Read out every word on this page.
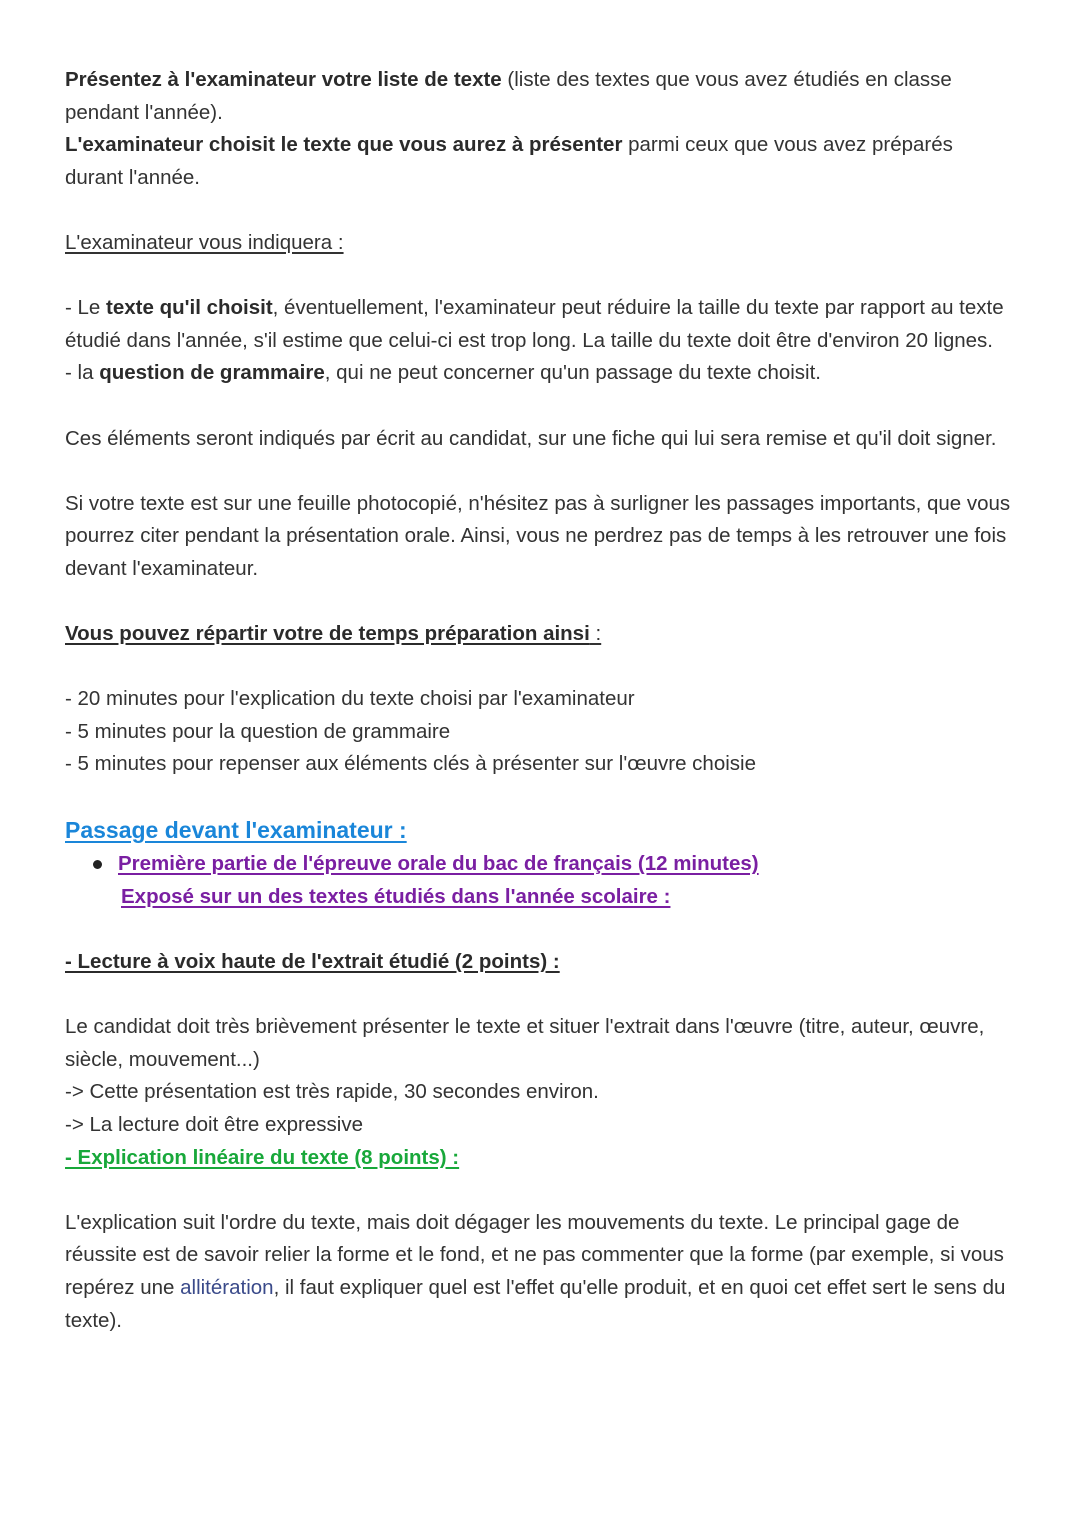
Présentez à l'examinateur votre liste de texte (liste des textes que vous avez étudiés en classe pendant l'année).
L'examinateur choisit le texte que vous aurez à présenter parmi ceux que vous avez préparés durant l'année.

L'examinateur vous indiquera :

- Le texte qu'il choisit, éventuellement, l'examinateur peut réduire la taille du texte par rapport au texte étudié dans l'année, s'il estime que celui-ci est trop long. La taille du texte doit être d'environ 20 lignes.
- la question de grammaire, qui ne peut concerner qu'un passage du texte choisit.

Ces éléments seront indiqués par écrit au candidat, sur une fiche qui lui sera remise et qu'il doit signer.

Si votre texte est sur une feuille photocopié, n'hésitez pas à surligner les passages importants, que vous pourrez citer pendant la présentation orale. Ainsi, vous ne perdrez pas de temps à les retrouver une fois devant l'examinateur.

Vous pouvez répartir votre de temps préparation ainsi :

- 20 minutes pour l'explication du texte choisi par l'examinateur
- 5 minutes pour la question de grammaire
- 5 minutes pour repenser aux éléments clés à présenter sur l'œuvre choisie

Passage devant l'examinateur :

Première partie de l'épreuve orale du bac de français (12 minutes)

Exposé sur un des textes étudiés dans l'année scolaire :

- Lecture à voix haute de l'extrait étudié (2 points) :

Le candidat doit très brièvement présenter le texte et situer l'extrait dans l'œuvre (titre, auteur, œuvre, siècle, mouvement...)
-> Cette présentation est très rapide, 30 secondes environ.
-> La lecture doit être expressive

- Explication linéaire du texte (8 points) :

L'explication suit l'ordre du texte, mais doit dégager les mouvements du texte. Le principal gage de réussite est de savoir relier la forme et le fond, et ne pas commenter que la forme (par exemple, si vous repérez une allitération, il faut expliquer quel est l'effet qu'elle produit, et en quoi cet effet sert le sens du texte).
